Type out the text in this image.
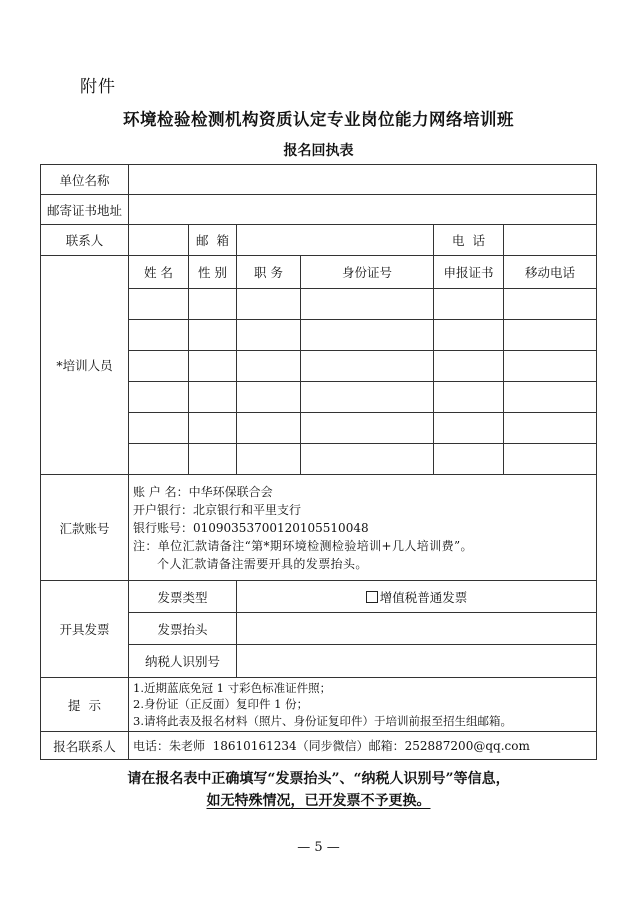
附件
环境检验检测机构资质认定专业岗位能力网络培训班
报名回执表
单位名称						
邮寄证书地址						
联系人		邮  箱			电  话	
*培训人员	姓 名	性 别	职 务	身份证号	申报证书	移动电话

汇款账号	账 户 名：中华环保联合会
开户银行：北京银行和平里支行
银行账号：01090353700120105510048
注：单位汇款请备注“第*期环境检测检验培训+几人培训费”。
个人汇款请备注需要开具的发票抬头。					

开具发票	发票类型		增值税普通发票			
	发票抬头					
	纳税人识别号					
提  示	1.近期蓝底免冠 1 寸彩色标准证件照；
2.身份证（正反面）复印件 1 份；
3.请将此表及报名材料（照片、身份证复印件）于培训前报至招生组邮箱。					

报名联系人	电话：朱老师  18610161234（同步微信）邮箱：252887200@qq.com					
请在报名表中正确填写“发票抬头”、“纳税人识别号”等信息，
如无特殊情况，已开发票不予更换。
— 5 —
